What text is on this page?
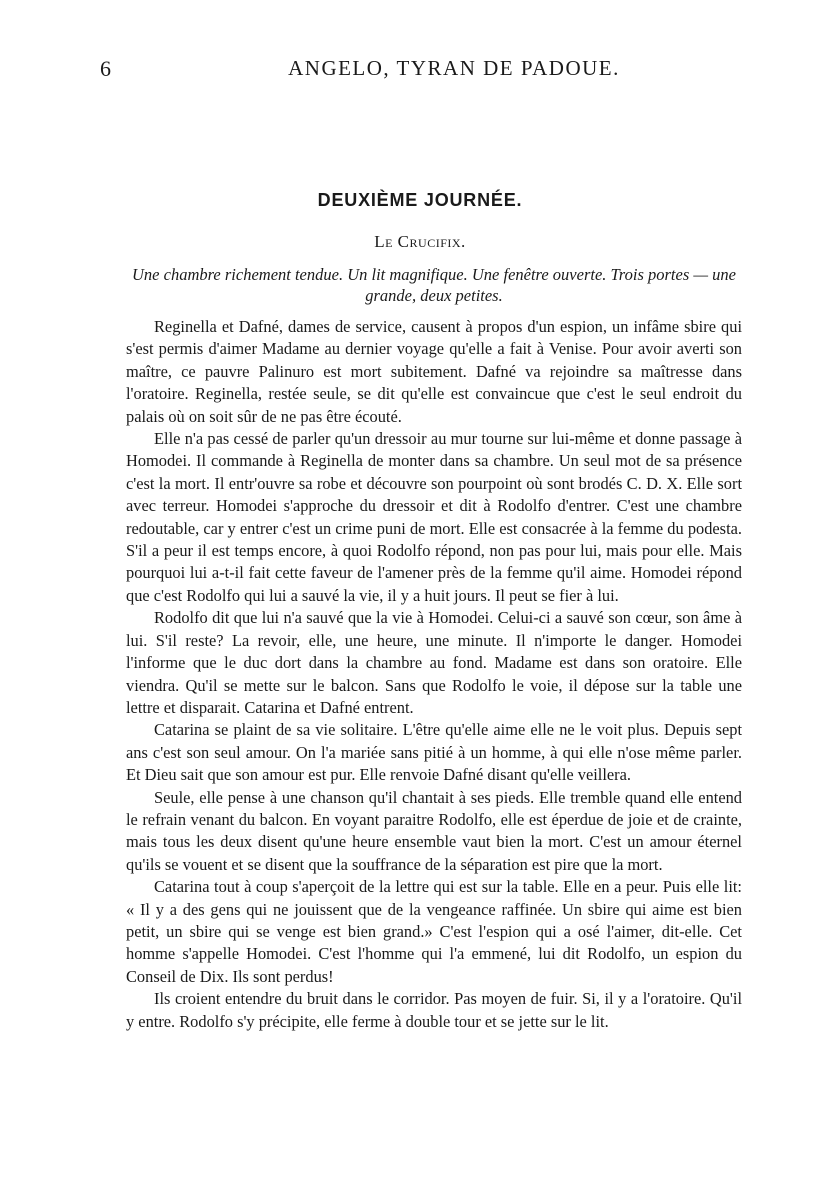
6	ANGELO, TYRAN DE PADOUE.
DEUXIÈME JOURNÉE.
Le Crucifix.
Une chambre richement tendue. Un lit magnifique. Une fenêtre ouverte. Trois portes — une grande, deux petites.

Reginella et Dafné, dames de service, causent à propos d'un espion, un infâme sbire qui s'est permis d'aimer Madame au dernier voyage qu'elle a fait à Venise. Pour avoir averti son maître, ce pauvre Palinuro est mort subitement. Dafné va rejoindre sa maîtresse dans l'oratoire. Reginella, restée seule, se dit qu'elle est convaincue que c'est le seul endroit du palais où on soit sûr de ne pas être écouté.

Elle n'a pas cessé de parler qu'un dressoir au mur tourne sur lui-même et donne passage à Homodei. Il commande à Reginella de monter dans sa chambre. Un seul mot de sa présence c'est la mort. Il entr'ouvre sa robe et découvre son pourpoint où sont brodés C. D. X. Elle sort avec terreur. Homodei s'approche du dressoir et dit à Rodolfo d'entrer. C'est une chambre redoutable, car y entrer c'est un crime puni de mort. Elle est consacrée à la femme du podesta. S'il a peur il est temps encore, à quoi Rodolfo répond, non pas pour lui, mais pour elle. Mais pourquoi lui a-t-il fait cette faveur de l'amener près de la femme qu'il aime. Homodei répond que c'est Rodolfo qui lui a sauvé la vie, il y a huit jours. Il peut se fier à lui.

Rodolfo dit que lui n'a sauvé que la vie à Homodei. Celui-ci a sauvé son cœur, son âme à lui. S'il reste? La revoir, elle, une heure, une minute. Il n'importe le danger. Homodei l'informe que le duc dort dans la chambre au fond. Madame est dans son oratoire. Elle viendra. Qu'il se mette sur le balcon. Sans que Rodolfo le voie, il dépose sur la table une lettre et disparait. Catarina et Dafné entrent.

Catarina se plaint de sa vie solitaire. L'être qu'elle aime elle ne le voit plus. Depuis sept ans c'est son seul amour. On l'a mariée sans pitié à un homme, à qui elle n'ose même parler. Et Dieu sait que son amour est pur. Elle renvoie Dafné disant qu'elle veillera.

Seule, elle pense à une chanson qu'il chantait à ses pieds. Elle tremble quand elle entend le refrain venant du balcon. En voyant paraitre Rodolfo, elle est éperdue de joie et de crainte, mais tous les deux disent qu'une heure ensemble vaut bien la mort. C'est un amour éternel qu'ils se vouent et se disent que la souffrance de la séparation est pire que la mort.

Catarina tout à coup s'aperçoit de la lettre qui est sur la table. Elle en a peur. Puis elle lit: « Il y a des gens qui ne jouissent que de la vengeance raffinée. Un sbire qui aime est bien petit, un sbire qui se venge est bien grand.» C'est l'espion qui a osé l'aimer, dit-elle. Cet homme s'appelle Homodei. C'est l'homme qui l'a emmené, lui dit Rodolfo, un espion du Conseil de Dix. Ils sont perdus!

Ils croient entendre du bruit dans le corridor. Pas moyen de fuir. Si, il y a l'oratoire. Qu'il y entre. Rodolfo s'y précipite, elle ferme à double tour et se jette sur le lit.
